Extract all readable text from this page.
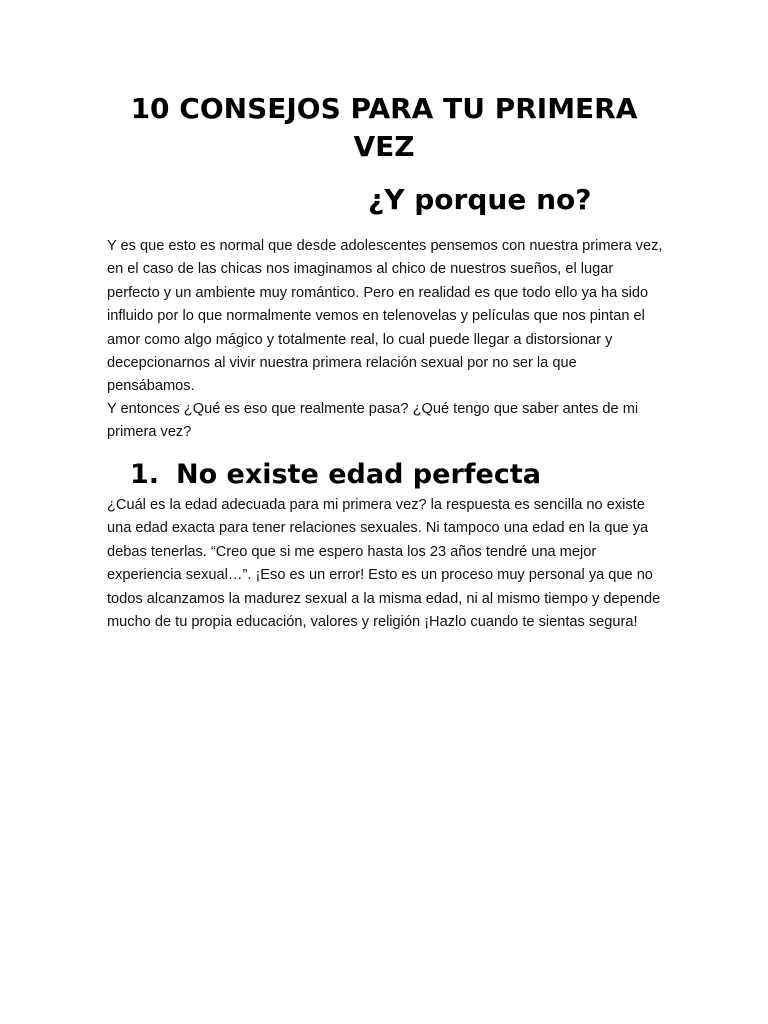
10 CONSEJOS PARA TU PRIMERA VEZ
¿Y porque no?

Y es que esto es normal que desde adolescentes pensemos con nuestra primera vez, en el caso de las chicas nos imaginamos al chico de nuestros sueños, el lugar perfecto y un ambiente muy romántico. Pero en realidad es que todo ello ya ha sido influido por lo que normalmente vemos en telenovelas y películas que nos pintan el amor como algo mágico y totalmente real, lo cual puede llegar a distorsionar y decepcionarnos al vivir nuestra primera relación sexual por no ser la que pensábamos.

Y entonces ¿Qué es eso que realmente pasa? ¿Qué tengo que saber antes de mi primera vez?

1. No existe edad perfecta

¿Cuál es la edad adecuada para mi primera vez? la respuesta es sencilla no existe una edad exacta para tener relaciones sexuales. Ni tampoco una edad en la que ya debas tenerlas. “Creo que si me espero hasta los 23 años tendré una mejor experiencia sexual…”. ¡Eso es un error! Esto es un proceso muy personal ya que no todos alcanzamos la madurez sexual a la misma edad, ni al mismo tiempo y depende mucho de tu propia educación, valores y religión ¡Hazlo cuando te sientas segura!
